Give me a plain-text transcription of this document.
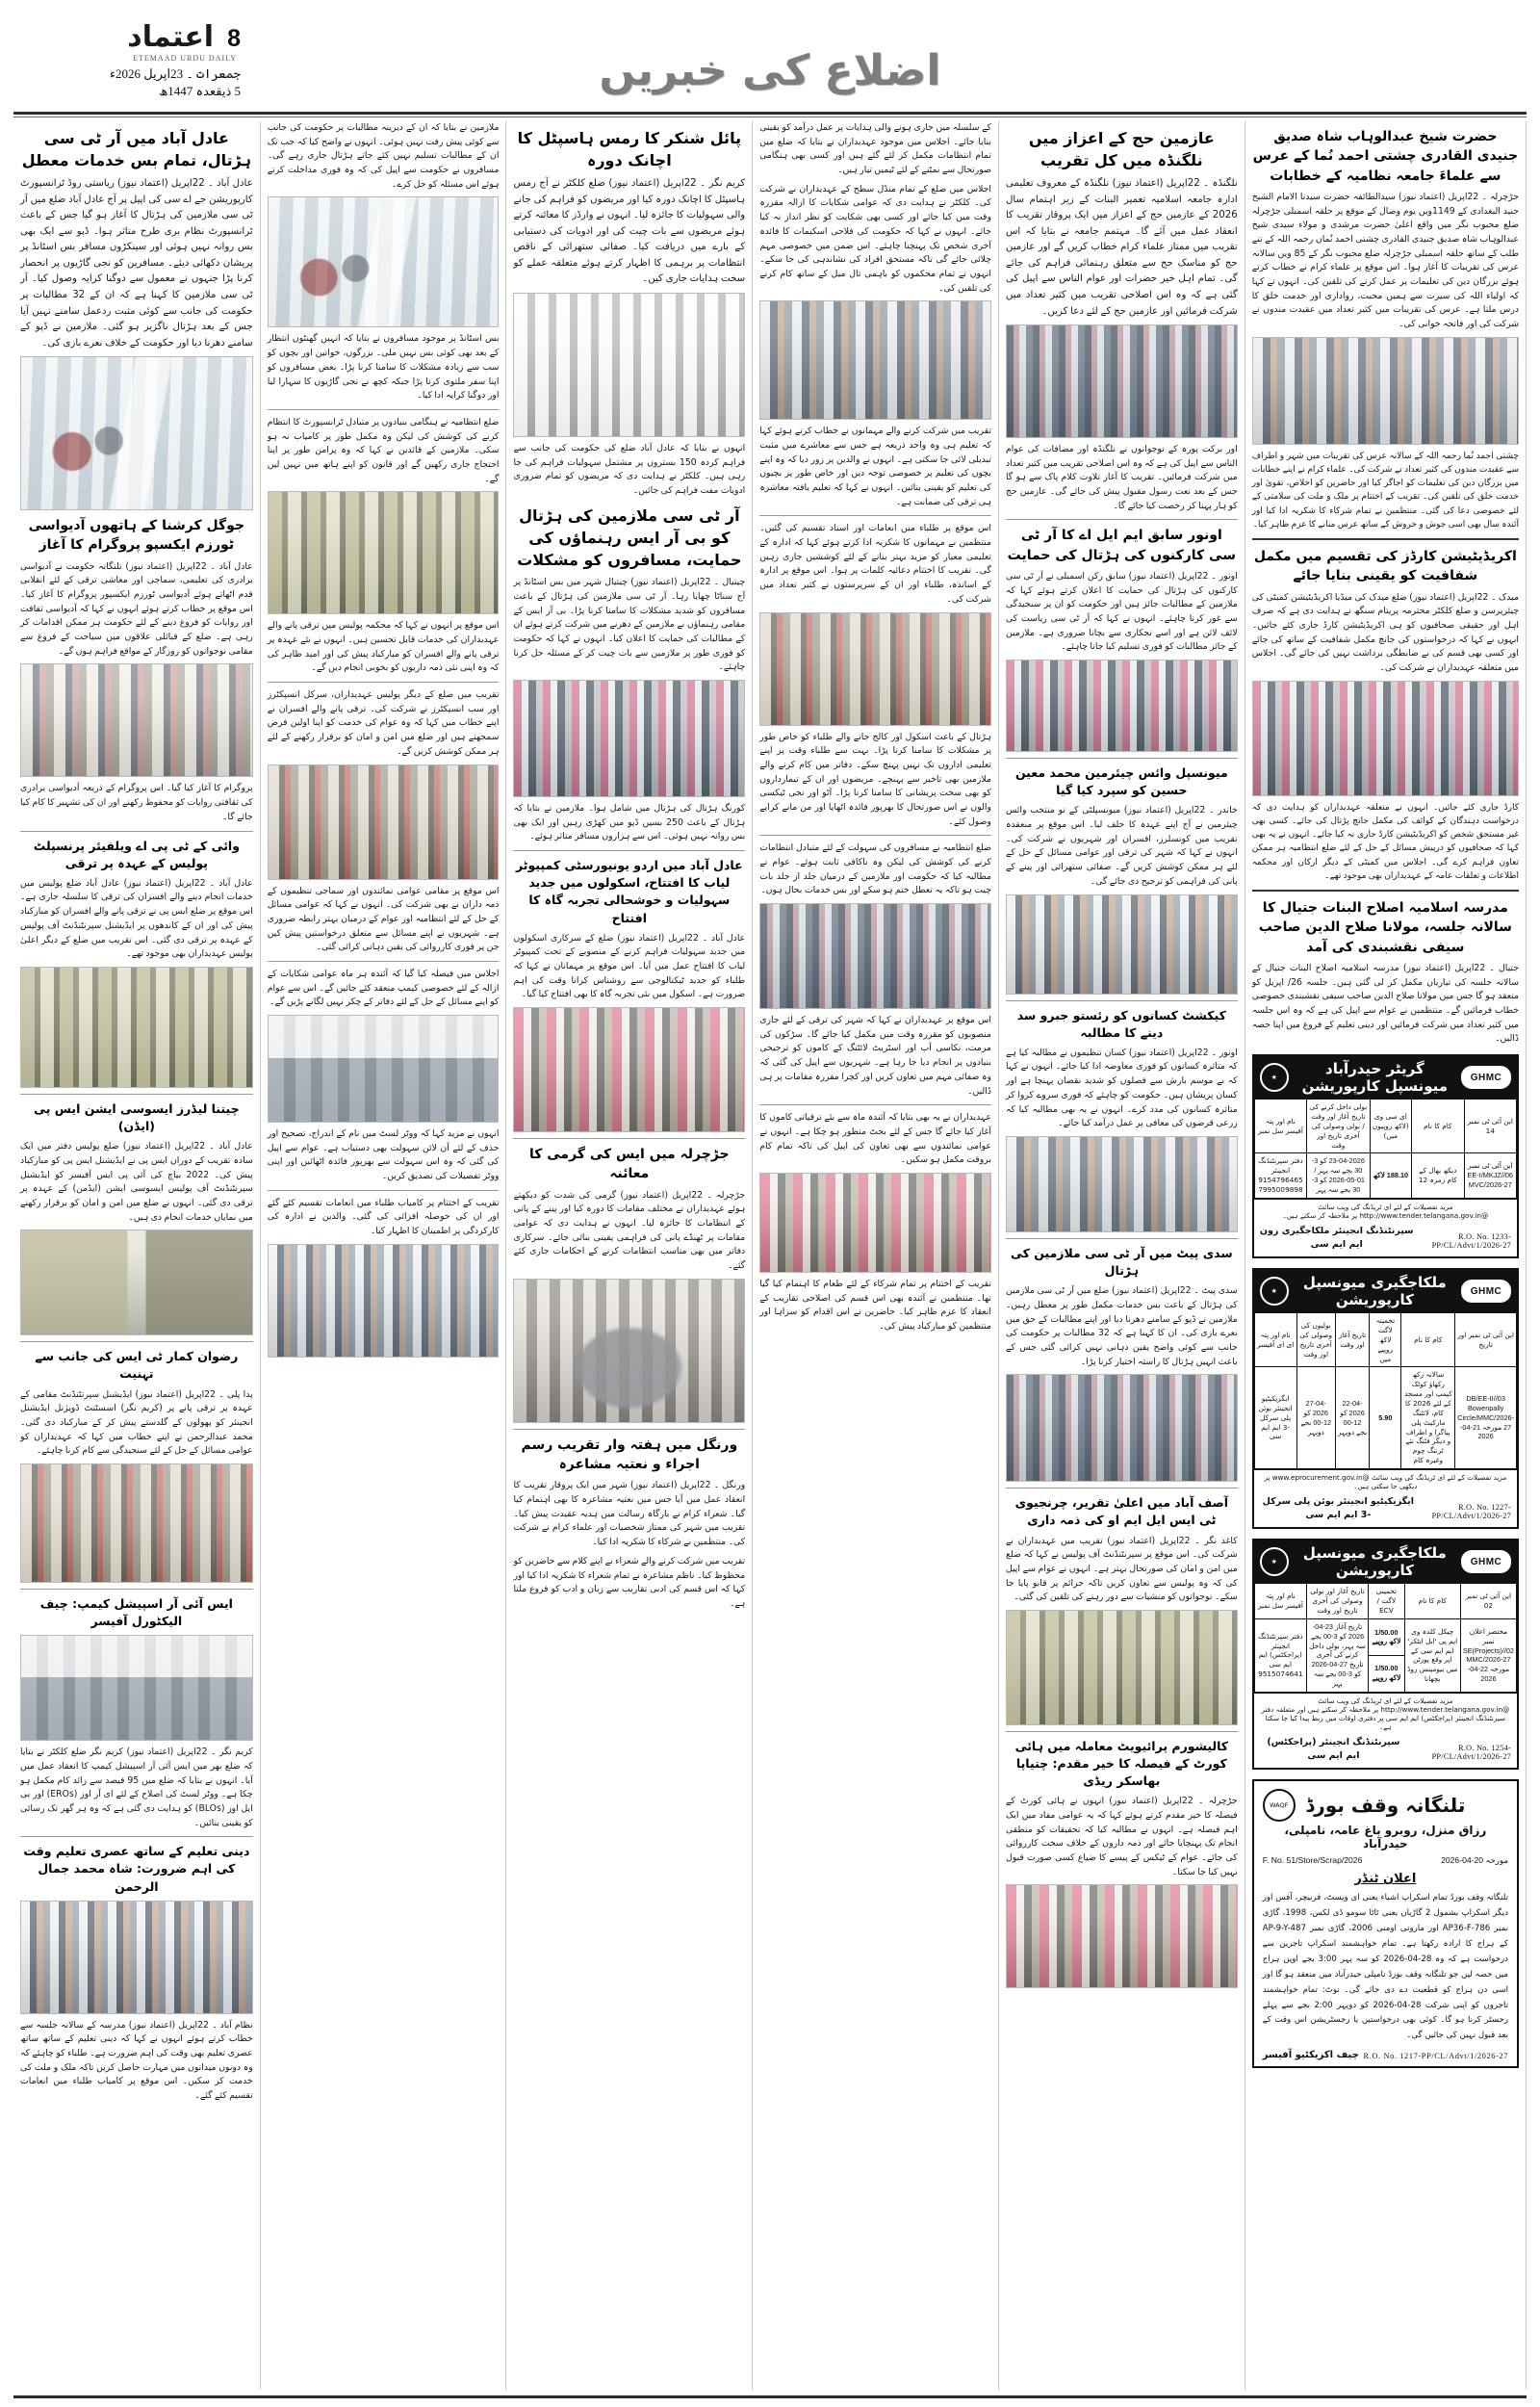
اعتماد 8
ETEMAAD URDU DAILY
جمعرات ۔ 23اپریل 2026ء
5 ذیقعدہ 1447ھ	اضلاع کی خبریں
حضرت شیخ عبدالوہاب شاہ صدیق جنیدی القادری چشتی احمد نُما کے عرس سے علماءَ جامعہ نظامیہ کے خطابات
جڑچرلہ ۔ 22اپریل (اعتماد نیوز) سیدالطائفہ حضرت سیدنا الامام الشیخ جنید البغدادی کے 1149ویں یوم وصال کے موقع پر حلقہ اسمبلی جڑچرلہ ضلع محبوب نگر میں واقع اعلیٰ حضرت مرشدی و مولاء سیدی شیخ عبدالوہاب شاہ صدیق جنیدی القادری چشتی احمد نُماں رحمہ اللہ کے تنے طلب کے ساتھ حلقہ اسمبلی جڑچرلہ ضلع محبوب نگر کے 85 ویں سالانہ عرس کی تقریبات کا آغاز ہوا۔ اس موقع پر علماء کرام نے خطاب کرتے ہوئے بزرگان دین کی تعلیمات پر عمل کرنے کی تلقین کی۔ انہوں نے کہا کہ اولیاء اللہ کی سیرت سے ہمیں محبت، رواداری اور خدمت خلق کا درس ملتا ہے۔ عرس کی تقریبات میں کثیر تعداد میں عقیدت مندوں نے شرکت کی اور فاتحہ خوانی کی۔
چشتی احمد نُما رحمہ اللہ کے سالانہ عرس کی تقریبات میں شہر و اطراف سے عقیدت مندوں کی کثیر تعداد نے شرکت کی۔ علماء کرام نے اپنے خطابات میں بزرگان دین کی تعلیمات کو اجاگر کیا اور حاضرین کو اخلاص، تقویٰ اور خدمت خلق کی تلقین کی۔ تقریب کے اختتام پر ملک و ملت کی سلامتی کے لئے خصوصی دعا کی گئی۔ منتظمین نے تمام شرکاء کا شکریہ ادا کیا اور آئندہ سال بھی اسی جوش و خروش کے ساتھ عرس منانے کا عزم ظاہر کیا۔
اکریڈیٹیشن کارڈز کی تقسیم میں مکمل شفافیت کو یقینی بنایا جائے
میدک ۔ 22اپریل (اعتماد نیوز) ضلع میدک کی میڈیا اکریڈیٹیشن کمیٹی کی چیئرپرسن و ضلع کلکٹر محترمہ پریتام سنگھ نے ہدایت دی ہے کہ صرف اہل اور حقیقی صحافیوں کو ہی اکریڈیٹیشن کارڈ جاری کئے جائیں۔ انہوں نے کہا کہ درخواستوں کی جانچ مکمل شفافیت کے ساتھ کی جائے اور کسی بھی قسم کی بے ضابطگی برداشت نہیں کی جائے گی۔ اجلاس میں متعلقہ عہدیداران نے شرکت کی۔
کارڈ جاری کئے جائیں۔ انہوں نے متعلقہ عہدیداران کو ہدایت دی کہ درخواست دہندگان کے کوائف کی مکمل جانچ پڑتال کی جائے۔ کسی بھی غیر مستحق شخص کو اکریڈیٹیشن کارڈ جاری نہ کیا جائے۔ انہوں نے یہ بھی کہا کہ صحافیوں کو درپیش مسائل کے حل کے لئے ضلع انتظامیہ ہر ممکن تعاون فراہم کرے گی۔ اجلاس میں کمیٹی کے دیگر ارکان اور محکمہ اطلاعات و تعلقات عامہ کے عہدیداران بھی موجود تھے۔
مدرسہ اسلامیہ اصلاح البنات جتیال کا سالانہ جلسہ، مولانا صلاح الدین صاحب سیفی نقشبندی کی آمد
جتیال ۔ 22اپریل (اعتماد نیوز) مدرسہ اسلامیہ اصلاح البنات جتیال کے سالانہ جلسہ کی تیاریاں مکمل کر لی گئی ہیں۔ جلسہ 26/ اپریل کو منعقد ہو گا جس میں مولانا صلاح الدین صاحب سیفی نقشبندی خصوصی خطاب فرمائیں گے۔ منتظمین نے عوام سے اپیل کی ہے کہ وہ اس جلسہ میں کثیر تعداد میں شرکت فرمائیں اور دینی تعلیم کے فروغ میں اپنا حصہ ڈالیں۔
★	گریٹر حیدرآباد میونسپل کارپوریشن	GHMC
این آئی ٹی نمبر 14	کام کا نام	ای سی وی (لاکھ روپیوں میں)	بولی داخل کرنے کی تاریخ آغاز اور وقت / بولی وصولی کی آخری تاریخ اور وقت	نام اور پتہ آفیسر سل نمبر
این آئی ٹی نمبر 06/EE-I/MKJZ/ MVC/2026-27	دیکھ بھال کے کام زمرہ 12	188.10 لاکھ	23-04-2026 کو 3-30 بجے سہ پہر / 01-05-2026 کو 3-30 بجے سہ پہر	دفتر سپرنٹنڈنگ انجینئر 9154796465 7995009898
مزید تفصیلات کے لئے ای ٹریڈنگ کی ویب سائٹ @http://www.tender.telangana.gov.in پر ملاحظہ کر سکتے ہیں۔
سپرنٹنڈنگ انجینئر ملکاجگیری زون ایم ایم سی
R.O. No. 1233-PP/CL/Advt/1/2026-27
★	ملکاجگیری میونسپل کارپوریشن	GHMC
این آئی ٹی نمبر اور تاریخ	کام کا نام	تخمینہ لاگت لاکھ روپیے میں	تاریخ آغاز اور وقت	بولیوں کی وصولی کی آخری تاریخ اور وقت	نام اور پتہ ای ای آفیسر
03/DB/EE-II/ Bowenpally Circle/MMC/2026-27 مورخہ 21-04-2026	سالانہ رکھ رکھاؤ کوٹک کیمپ اور مسجد کے لئے 2026 کا کام، لائٹنگ مارکیٹ پلی پیاگرا و اطراف و دیگر فٹنگ نئے ٹرننگ چوم وغیرہ کام	5.90	22-04-2026 کو 12-00 بجے دوپہر	27-04-2026 کو 12-00 بجے دوپہر	ایگزیکیٹیو انجینئر بوئن پلی سرکل -3 ایم ایم سی
مزید تفصیلات کے لئے ای ٹریڈنگ کی ویب سائٹ @www.eprocurement.gov.in پر دیکھی جا سکتی ہیں۔
ایگزیکیٹیو انجینئر بوئن پلی سرکل -3 ایم ایم سی
R.O. No. 1227-PP/CL/Advt/1/2026-27
★	ملکاجگیری میونسپل کارپوریشن	GHMC
این آئی ٹی نمبر 02	کام کا نام	تخمینی لاگت / ECV	تاریخ آغاز اور بولی وصولی کی آخری تاریخ اور وقت	نام اور پتہ آفیسر سل نمبر
مختصر اعلان نمبر 02/SE(Projects)/ MMC/2026-27 مورخہ 22-04-2026	چیکل کلدہ وی ایم پی 'ایل ایٹکر' ایم ایم سی کے اپر وقع پورٹن میں بیومینس روڈ بچھانا	1/50.00 لاکھ روپیے	تاریخ آغاز 23-04-2026 کو 3-00 بجے سہ پہر، بولی داخل کرنے کی آخری تاریخ 27-04-2026 کو 3-00 بجے سہ پہر	دفتر سپرنٹنڈنگ انجینئر (پراجکٹس) ایم ایم سی 9515074641
		1/50.00 لاکھ روپیے		
مزید تفصیلات کے لئے ای ٹریڈنگ کی ویب سائٹ @http://www.tender.telangana.gov.in پر ملاحظہ کر سکتے ہیں اور متعلقہ دفتر سپرنٹنڈنگ انجینئر (پراجکٹس) ایم ایم سی پر دفتری اوقات میں ربط پیدا کیا جا سکتا ہے۔
سپرنٹنڈنگ انجینئر (پراجکٹس) ایم ایم سی
R.O. No. 1254-PP/CL/Advt/1/2026-27
WAQF تلنگانہ وقف بورڈ
رزاق منزل، روبرو باغ عامہ، نامپلی، حیدرآباد
F. No. 51/Store/Scrap/2026	مورخہ 20-04-2026
اعلان ٹنڈر
تلنگانہ وقف بورڈ تمام اسکراپ اشیاء یعنی ای ویسٹ، فرنیچر، آفس اور دیگر اسکراپ بشمول 2 گاڑیاں یعنی ٹاٹا سومو ڈی لکس، 1998، گاڑی نمبر AP36-F-786 اور ماروتی اومنی 2006، گاڑی نمبر AP-9-Y-487 کے ہراج کا ارادہ رکھتا ہے۔ تمام خواہشمند اسکراپ تاجرین سے درخواست ہے کہ وہ 28-04-2026 کو سہ پہر 3:00 بجے اوپن ہراج میں حصہ لیں جو تلنگانہ وقف بورڈ نامپلی حیدرآباد میں منعقد ہو گا اور اسی دن ہراج کو قطعیت دے دی جائے گی۔ نوٹ: تمام خواہشمند تاجروں کو اپنی شرکت 28-04-2026 کو دوپہر 2:00 بجے سے پہلے رجسٹر کرنا ہو گا۔ کوئی بھی درخواستیں یا رجسٹریشن اس وقت کے بعد قبول نہیں کی جائیں گی۔
چیف اکزیکٹیو آفیسر R.O. No. 1217-PP/CL/Advt/1/2026-27
عازمین حج کے اعزاز میں نلگنڈہ میں کل تقریب
نلگنڈہ ۔ 22اپریل (اعتماد نیوز) نلگنڈہ کے معروف تعلیمی ادارہ جامعہ اسلامیہ تعمیر البنات کے زیر اہتمام سال 2026 کے عازمین حج کے اعزاز میں ایک پروقار تقریب کا انعقاد عمل میں آئے گا۔ مہتمم جامعہ نے بتایا کہ اس تقریب میں ممتاز علماء کرام خطاب کریں گے اور عازمین حج کو مناسک حج سے متعلق رہنمائی فراہم کی جائے گی۔ تمام اہل خیر حضرات اور عوام الناس سے اپیل کی گئی ہے کہ وہ اس اصلاحی تقریب میں کثیر تعداد میں شرکت فرمائیں اور عازمین حج کے لئے دعا کریں۔
اور برکت پورہ کے نوجوانوں نے نلگنڈہ اور مضافات کی عوام الناس سے اپیل کی ہے کہ وہ اس اصلاحی تقریب میں کثیر تعداد میں شرکت فرمائیں۔ تقریب کا آغاز تلاوت کلام پاک سے ہو گا جس کے بعد نعت رسول مقبول پیش کی جائے گی۔ عازمین حج کو ہار پہنا کر رخصت کیا جائے گا۔
اونور سابق ایم ایل اے کا آر ٹی سی کارکنوں کی ہڑتال کی حمایت
اونور ۔ 22اپریل (اعتماد نیوز) سابق رکن اسمبلی نے آر ٹی سی کارکنوں کی ہڑتال کی حمایت کا اعلان کرتے ہوئے کہا کہ ملازمین کے مطالبات جائز ہیں اور حکومت کو ان پر سنجیدگی سے غور کرنا چاہئے۔ انہوں نے کہا کہ آر ٹی سی ریاست کی لائف لائن ہے اور اسے نجکاری سے بچانا ضروری ہے۔ ملازمین کے جائز مطالبات کو فوری تسلیم کیا جانا چاہئے۔
میونسپل وائس چیئرمین محمد معین حسین کو سپرد کیا گیا
خاندر ۔ 22اپریل (اعتماد نیوز) میونسپلٹی کے نو منتخب وائس چیئرمین نے آج اپنے عہدہ کا حلف لیا۔ اس موقع پر منعقدہ تقریب میں کونسلرز، افسران اور شہریوں نے شرکت کی۔ انہوں نے کہا کہ شہر کی ترقی اور عوامی مسائل کے حل کے لئے ہر ممکن کوشش کریں گے۔ صفائی ستھرائی اور پینے کے پانی کی فراہمی کو ترجیح دی جائے گی۔
کیکشٹ کسانوں کو رئستو جبرو سد دینے کا مطالبہ
اونور ۔ 22اپریل (اعتماد نیوز) کسان تنظیموں نے مطالبہ کیا ہے کہ متاثرہ کسانوں کو فوری معاوضہ ادا کیا جائے۔ انہوں نے کہا کہ بے موسم بارش سے فصلوں کو شدید نقصان پہنچا ہے اور کسان پریشان ہیں۔ حکومت کو چاہئے کہ فوری سروے کروا کر متاثرہ کسانوں کی مدد کرے۔ انہوں نے یہ بھی مطالبہ کیا کہ زرعی قرضوں کی معافی پر عمل درآمد کیا جائے۔
سدی پیٹ میں آر ٹی سی ملازمین کی ہڑتال
سدی پیٹ ۔ 22اپریل (اعتماد نیوز) ضلع میں آر ٹی سی ملازمین کی ہڑتال کے باعث بس خدمات مکمل طور پر معطل رہیں۔ ملازمین نے ڈپو کے سامنے دھرنا دیا اور اپنے مطالبات کے حق میں نعرے بازی کی۔ ان کا کہنا ہے کہ 32 مطالبات پر حکومت کی جانب سے کوئی واضح یقین دہانی نہیں کرائی گئی جس کے باعث انہیں ہڑتال کا راستہ اختیار کرنا پڑا۔
آصف آباد میں اعلیٰ تقریر، چرنجیوی ٹی ایس ایل ایم او کی ذمہ داری
کاغذ نگر ۔ 22اپریل (اعتماد نیوز) تقریب میں عہدیداران نے شرکت کی۔ اس موقع پر سپرنٹنڈنٹ آف پولیس نے کہا کہ ضلع میں امن و امان کی صورتحال بہتر ہے۔ انہوں نے عوام سے اپیل کی کہ وہ پولیس سے تعاون کریں تاکہ جرائم پر قابو پایا جا سکے۔ نوجوانوں کو منشیات سے دور رہنے کی تلقین کی گئی۔
کالیشورم پرائیویٹ معاملہ میں ہائی کورٹ کے فیصلہ کا خیر مقدم: چتیاپا بھاسکر ریڈی
جڑچرلہ ۔ 22اپریل (اعتماد نیوز) انہوں نے ہائی کورٹ کے فیصلہ کا خیر مقدم کرتے ہوئے کہا کہ یہ عوامی مفاد میں ایک اہم فیصلہ ہے۔ انہوں نے مطالبہ کیا کہ تحقیقات کو منطقی انجام تک پہنچایا جائے اور ذمہ داروں کے خلاف سخت کارروائی کی جائے۔ عوام کے ٹیکس کے پیسے کا ضیاع کسی صورت قبول نہیں کیا جا سکتا۔
کے سلسلہ میں جاری ہونے والی ہدایات پر عمل درآمد کو یقینی بنایا جائے۔ اجلاس میں موجود عہدیداران نے بتایا کہ ضلع میں تمام انتظامات مکمل کر لئے گئے ہیں اور کسی بھی ہنگامی صورتحال سے نمٹنے کے لئے ٹیمیں تیار ہیں۔
اجلاس میں ضلع کے تمام منڈل سطح کے عہدیداران نے شرکت کی۔ کلکٹر نے ہدایت دی کہ عوامی شکایات کا ازالہ مقررہ وقت میں کیا جائے اور کسی بھی شکایت کو نظر انداز نہ کیا جائے۔ انہوں نے کہا کہ حکومت کی فلاحی اسکیمات کا فائدہ آخری شخص تک پہنچنا چاہئے۔ اس ضمن میں خصوصی مہم چلائی جائے گی تاکہ مستحق افراد کی نشاندہی کی جا سکے۔ انہوں نے تمام محکموں کو باہمی تال میل کے ساتھ کام کرنے کی تلقین کی۔
تقریب میں شرکت کرنے والے مہمانوں نے خطاب کرتے ہوئے کہا کہ تعلیم ہی وہ واحد ذریعہ ہے جس سے معاشرے میں مثبت تبدیلی لائی جا سکتی ہے۔ انہوں نے والدین پر زور دیا کہ وہ اپنے بچوں کی تعلیم پر خصوصی توجہ دیں اور خاص طور پر بچیوں کی تعلیم کو یقینی بنائیں۔ انہوں نے کہا کہ تعلیم یافتہ معاشرہ ہی ترقی کی ضمانت ہے۔
اس موقع پر طلباء میں انعامات اور اسناد تقسیم کی گئیں۔ منتظمین نے مہمانوں کا شکریہ ادا کرتے ہوئے کہا کہ ادارہ کے تعلیمی معیار کو مزید بہتر بنانے کے لئے کوششیں جاری رہیں گی۔ تقریب کا اختتام دعائیہ کلمات پر ہوا۔ اس موقع پر ادارہ کے اساتذہ، طلباء اور ان کے سرپرستوں نے کثیر تعداد میں شرکت کی۔
ہڑتال کے باعث اسکول اور کالج جانے والے طلباء کو خاص طور پر مشکلات کا سامنا کرنا پڑا۔ بہت سے طلباء وقت پر اپنے تعلیمی اداروں تک نہیں پہنچ سکے۔ دفاتر میں کام کرنے والے ملازمین بھی تاخیر سے پہنچے۔ مریضوں اور ان کے تیمارداروں کو بھی سخت پریشانی کا سامنا کرنا پڑا۔ آٹو اور نجی ٹیکسی والوں نے اس صورتحال کا بھرپور فائدہ اٹھایا اور من مانے کرایے وصول کئے۔
ضلع انتظامیہ نے مسافروں کی سہولت کے لئے متبادل انتظامات کرنے کی کوشش کی لیکن وہ ناکافی ثابت ہوئے۔ عوام نے مطالبہ کیا کہ حکومت اور ملازمین کے درمیان جلد از جلد بات چیت ہو تاکہ یہ تعطل ختم ہو سکے اور بس خدمات بحال ہوں۔
اس موقع پر عہدیداران نے کہا کہ شہر کی ترقی کے لئے جاری منصوبوں کو مقررہ وقت میں مکمل کیا جائے گا۔ سڑکوں کی مرمت، نکاسی آب اور اسٹریٹ لائٹنگ کے کاموں کو ترجیحی بنیادوں پر انجام دیا جا رہا ہے۔ شہریوں سے اپیل کی گئی کہ وہ صفائی مہم میں تعاون کریں اور کچرا مقررہ مقامات پر ہی ڈالیں۔
عہدیداران نے یہ بھی بتایا کہ آئندہ ماہ سے نئے ترقیاتی کاموں کا آغاز کیا جائے گا جس کے لئے بجٹ منظور ہو چکا ہے۔ انہوں نے عوامی نمائندوں سے بھی تعاون کی اپیل کی تاکہ تمام کام بروقت مکمل ہو سکیں۔
تقریب کے اختتام پر تمام شرکاء کے لئے طعام کا اہتمام کیا گیا تھا۔ منتظمین نے آئندہ بھی اس قسم کی اصلاحی تقاریب کے انعقاد کا عزم ظاہر کیا۔ حاضرین نے اس اقدام کو سراہا اور منتظمین کو مبارکباد پیش کی۔
پائل شنکر کا رمس ہاسپٹل کا اچانک دورہ
کریم نگر ۔ 22اپریل (اعتماد نیوز) ضلع کلکٹر نے آج رمس ہاسپٹل کا اچانک دورہ کیا اور مریضوں کو فراہم کی جانے والی سہولیات کا جائزہ لیا۔ انہوں نے وارڈز کا معائنہ کرتے ہوئے مریضوں سے بات چیت کی اور ادویات کی دستیابی کے بارے میں دریافت کیا۔ صفائی ستھرائی کے ناقص انتظامات پر برہمی کا اظہار کرتے ہوئے متعلقہ عملے کو سخت ہدایات جاری کیں۔
انہوں نے بتایا کہ عادل آباد ضلع کی حکومت کی جانب سے فراہم کردہ 150 بستروں پر مشتمل سہولیات فراہم کی جا رہی ہیں۔ کلکٹر نے ہدایت دی کہ مریضوں کو تمام ضروری ادویات مفت فراہم کی جائیں۔
آر ٹی سی ملازمین کی ہڑتال کو بی آر ایس رہنماؤں کی حمایت، مسافروں کو مشکلات
چیتیال ۔ 22اپریل (اعتماد نیوز) چیتیال شہر میں بس اسٹانڈ پر آج سناٹا چھایا رہا۔ آر ٹی سی ملازمین کی ہڑتال کے باعث مسافروں کو شدید مشکلات کا سامنا کرنا پڑا۔ بی آر ایس کے مقامی رہنماؤں نے ملازمین کے دھرنے میں شرکت کرتے ہوئے ان کے مطالبات کی حمایت کا اعلان کیا۔ انہوں نے کہا کہ حکومت کو فوری طور پر ملازمین سے بات چیت کر کے مسئلہ حل کرنا چاہئے۔
کورنگ ہڑتال کی ہڑتال میں شامل ہوا۔ ملازمین نے بتایا کہ ہڑتال کے باعث 250 بسیں ڈپو میں کھڑی رہیں اور ایک بھی بس روانہ نہیں ہوئی۔ اس سے ہزاروں مسافر متاثر ہوئے۔
عادل آباد میں اردو یونیورسٹی کمپیوٹر لیاب کا افتتاح، اسکولوں میں جدید سہولیات و خوشحالی تجربہ گاہ کا افتتاح
عادل آباد ۔ 22اپریل (اعتماد نیوز) ضلع کے سرکاری اسکولوں میں جدید سہولیات فراہم کرنے کے منصوبے کے تحت کمپیوٹر لیاب کا افتتاح عمل میں آیا۔ اس موقع پر مہمانان نے کہا کہ طلباء کو جدید ٹیکنالوجی سے روشناس کرانا وقت کی اہم ضرورت ہے۔ اسکول میں نئی تجربہ گاہ کا بھی افتتاح کیا گیا۔
جڑچرلہ میں ایس کی گرمی کا معائنہ
جڑچرلہ ۔ 22اپریل (اعتماد نیوز) گرمی کی شدت کو دیکھتے ہوئے عہدیداران نے مختلف مقامات کا دورہ کیا اور پینے کے پانی کے انتظامات کا جائزہ لیا۔ انہوں نے ہدایت دی کہ عوامی مقامات پر ٹھنڈے پانی کی فراہمی یقینی بنائی جائے۔ سرکاری دفاتر میں بھی مناسب انتظامات کرنے کے احکامات جاری کئے گئے۔
ورنگل میں ہفتہ وار تقریب رسم اجراء و نعتیہ مشاعرہ
ورنگل ۔ 22اپریل (اعتماد نیوز) شہر میں ایک پروقار تقریب کا انعقاد عمل میں آیا جس میں نعتیہ مشاعرہ کا بھی اہتمام کیا گیا۔ شعراء کرام نے بارگاہ رسالت میں ہدیہ عقیدت پیش کیا۔ تقریب میں شہر کی ممتاز شخصیات اور علماء کرام نے شرکت کی۔ منتظمین نے شرکاء کا شکریہ ادا کیا۔
تقریب میں شرکت کرنے والے شعراء نے اپنے کلام سے حاضرین کو محظوظ کیا۔ ناظم مشاعرہ نے تمام شعراء کا شکریہ ادا کیا اور کہا کہ اس قسم کی ادبی تقاریب سے زبان و ادب کو فروغ ملتا ہے۔
ملازمین نے بتایا کہ ان کے دیرینہ مطالبات پر حکومت کی جانب سے کوئی پیش رفت نہیں ہوئی۔ انہوں نے واضح کیا کہ جب تک ان کے مطالبات تسلیم نہیں کئے جاتے ہڑتال جاری رہے گی۔ مسافروں نے حکومت سے اپیل کی کہ وہ فوری مداخلت کرتے ہوئے اس مسئلہ کو حل کرے۔
بس اسٹانڈ پر موجود مسافروں نے بتایا کہ انہیں گھنٹوں انتظار کے بعد بھی کوئی بس نہیں ملی۔ بزرگوں، خواتین اور بچوں کو سب سے زیادہ مشکلات کا سامنا کرنا پڑا۔ بعض مسافروں کو اپنا سفر ملتوی کرنا پڑا جبکہ کچھ نے نجی گاڑیوں کا سہارا لیا اور دوگنا کرایہ ادا کیا۔
ضلع انتظامیہ نے ہنگامی بنیادوں پر متبادل ٹرانسپورٹ کا انتظام کرنے کی کوشش کی لیکن وہ مکمل طور پر کامیاب نہ ہو سکی۔ ملازمین کے قائدین نے کہا کہ وہ پرامن طور پر اپنا احتجاج جاری رکھیں گے اور قانون کو اپنے ہاتھ میں نہیں لیں گے۔
اس موقع پر انہوں نے کہا کہ محکمہ پولیس میں ترقی پانے والے عہدیداران کی خدمات قابل تحسین ہیں۔ انہوں نے نئے عہدہ پر ترقی پانے والے افسران کو مبارکباد پیش کی اور امید ظاہر کی کہ وہ اپنی نئی ذمہ داریوں کو بخوبی انجام دیں گے۔
تقریب میں ضلع کے دیگر پولیس عہدیداران، سرکل انسپکٹرز اور سب انسپکٹرز نے شرکت کی۔ ترقی پانے والے افسران نے اپنے خطاب میں کہا کہ وہ عوام کی خدمت کو اپنا اولین فرض سمجھتے ہیں اور ضلع میں امن و امان کو برقرار رکھنے کے لئے ہر ممکن کوشش کریں گے۔
اس موقع پر مقامی عوامی نمائندوں اور سماجی تنظیموں کے ذمہ داران نے بھی شرکت کی۔ انہوں نے کہا کہ عوامی مسائل کے حل کے لئے انتظامیہ اور عوام کے درمیان بہتر رابطہ ضروری ہے۔ شہریوں نے اپنے مسائل سے متعلق درخواستیں پیش کیں جن پر فوری کارروائی کی یقین دہانی کرائی گئی۔
اجلاس میں فیصلہ کیا گیا کہ آئندہ ہر ماہ عوامی شکایات کے ازالہ کے لئے خصوصی کیمپ منعقد کئے جائیں گے۔ اس سے عوام کو اپنے مسائل کے حل کے لئے دفاتر کے چکر نہیں لگانے پڑیں گے۔
انہوں نے مزید کہا کہ ووٹر لسٹ میں نام کے اندراج، تصحیح اور حذف کے لئے آن لائن سہولت بھی دستیاب ہے۔ عوام سے اپیل کی گئی کہ وہ اس سہولت سے بھرپور فائدہ اٹھائیں اور اپنی ووٹر تفصیلات کی تصدیق کریں۔
تقریب کے اختتام پر کامیاب طلباء میں انعامات تقسیم کئے گئے اور ان کی حوصلہ افزائی کی گئی۔ والدین نے ادارہ کی کارکردگی پر اطمینان کا اظہار کیا۔
عادل آباد میں آر ٹی سی ہڑتال، تمام بس خدمات معطل
عادل آباد ۔ 22اپریل (اعتماد نیوز) ریاستی روڈ ٹرانسپورٹ کارپوریشن جے اے سی کی اپیل پر آج عادل آباد ضلع میں آر ٹی سی ملازمین کی ہڑتال کا آغاز ہو گیا جس کے باعث ٹرانسپورٹ نظام بری طرح متاثر ہوا۔ ڈپو سے ایک بھی بس روانہ نہیں ہوئی اور سینکڑوں مسافر بس اسٹانڈ پر پریشان دکھائی دیئے۔ مسافرین کو نجی گاڑیوں پر انحصار کرنا پڑا جنہوں نے معمول سے دوگنا کرایہ وصول کیا۔ آر ٹی سی ملازمین کا کہنا ہے کہ ان کے 32 مطالبات پر حکومت کی جانب سے کوئی مثبت ردعمل سامنے نہیں آیا جس کے بعد ہڑتال ناگزیر ہو گئی۔ ملازمین نے ڈپو کے سامنے دھرنا دیا اور حکومت کے خلاف نعرے بازی کی۔
جوگل کرشنا کے ہاتھوں آدیواسی ٹورزم ایکسپو پروگرام کا آغاز
عادل آباد ۔ 22اپریل (اعتماد نیوز) تلنگانہ حکومت نے آدیواسی برادری کی تعلیمی، سماجی اور معاشی ترقی کے لئے انقلابی قدم اٹھاتے ہوئے آدیواسی ٹورزم ایکسپور پروگرام کا آغاز کیا۔ اس موقع پر خطاب کرتے ہوئے انہوں نے کہا کہ آدیواسی ثقافت اور روایات کو فروغ دینے کے لئے حکومت ہر ممکن اقدامات کر رہی ہے۔ ضلع کے قبائلی علاقوں میں سیاحت کے فروغ سے مقامی نوجوانوں کو روزگار کے مواقع فراہم ہوں گے۔
پروگرام کا آغاز کیا گیا۔ اس پروگرام کے ذریعہ آدیواسی برادری کی ثقافتی روایات کو محفوظ رکھنے اور ان کی تشہیر کا کام کیا جائے گا۔
وائی کے ٹی پی اے ویلفیئر پرنسپلٹ پولیس کے عہدہ پر ترقی
عادل آباد ۔ 22اپریل (اعتماد نیوز) عادل آباد ضلع پولیس میں خدمات انجام دینے والے افسران کی ترقی کا سلسلہ جاری ہے۔ اس موقع پر ضلع ایس پی نے ترقی پانے والے افسران کو مبارکباد پیش کی اور ان کے کاندھوں پر ایڈیشنل سپرنٹنڈنٹ آف پولیس کے عہدہ پر ترقی دی گئی۔ اس تقریب میں ضلع کے دیگر اعلیٰ پولیس عہدیداران بھی موجود تھے۔
چیتنا لیڈرز ایسوسی ایشن ایس پی (ایڈن)
عادل آباد ۔ 22اپریل (اعتماد نیوز) ضلع پولیس دفتر میں ایک سادہ تقریب کے دوران ایس پی نے ایڈیشنل ایس پی کو مبارکباد پیش کی۔ 2022 بیاچ کی آئی پی ایس آفیسر کو ایڈیشنل سپرنٹنڈنٹ آف پولیس ایسوسی ایشن (ایڈمن) کے عہدہ پر ترقی دی گئی۔ انہوں نے ضلع میں امن و امان کو برقرار رکھنے میں نمایاں خدمات انجام دی ہیں۔
رضوان کمار ٹی ایس کی جانب سے تہنیت
پدا پلی ۔ 22اپریل (اعتماد نیوز) ایڈیشنل سپرنٹنڈنٹ مقامی کے عہدہ پر ترقی پانے پر (کریم نگر) اسسٹنٹ ڈویژنل ایڈیشنل انجینئر کو پھولوں کے گلدستے پیش کر کے مبارکباد دی گئی۔ محمد عبدالرحمن نے اپنے خطاب میں کہا کہ عہدیداران کو عوامی مسائل کے حل کے لئے سنجیدگی سے کام کرنا چاہئے۔
ایس آئی آر اسپیشل کیمپ: چیف الیکٹورل آفیسر
کریم نگر ۔ 22اپریل (اعتماد نیوز) کریم نگر ضلع کلکٹر نے بتایا کہ ضلع بھر میں ایس آئی آر اسپیشل کیمپ کا انعقاد عمل میں آیا۔ انہوں نے بتایا کہ ضلع میں 95 فیصد سے زائد کام مکمل ہو چکا ہے۔ ووٹر لسٹ کی اصلاح کے لئے ای آر اوز (EROs) اور بی ایل اوز (BLOs) کو ہدایت دی گئی ہے کہ وہ ہر گھر تک رسائی کو یقینی بنائیں۔
دینی تعلیم کے ساتھ عصری تعلیم وقت کی اہم ضرورت: شاہ محمد جمال الرحمن
نظام آباد ۔ 22اپریل (اعتماد نیوز) مدرسہ کے سالانہ جلسہ سے خطاب کرتے ہوئے انہوں نے کہا کہ دینی تعلیم کے ساتھ ساتھ عصری تعلیم بھی وقت کی اہم ضرورت ہے۔ طلباء کو چاہئے کہ وہ دونوں میدانوں میں مہارت حاصل کریں تاکہ ملک و ملت کی خدمت کر سکیں۔ اس موقع پر کامیاب طلباء میں انعامات تقسیم کئے گئے۔
